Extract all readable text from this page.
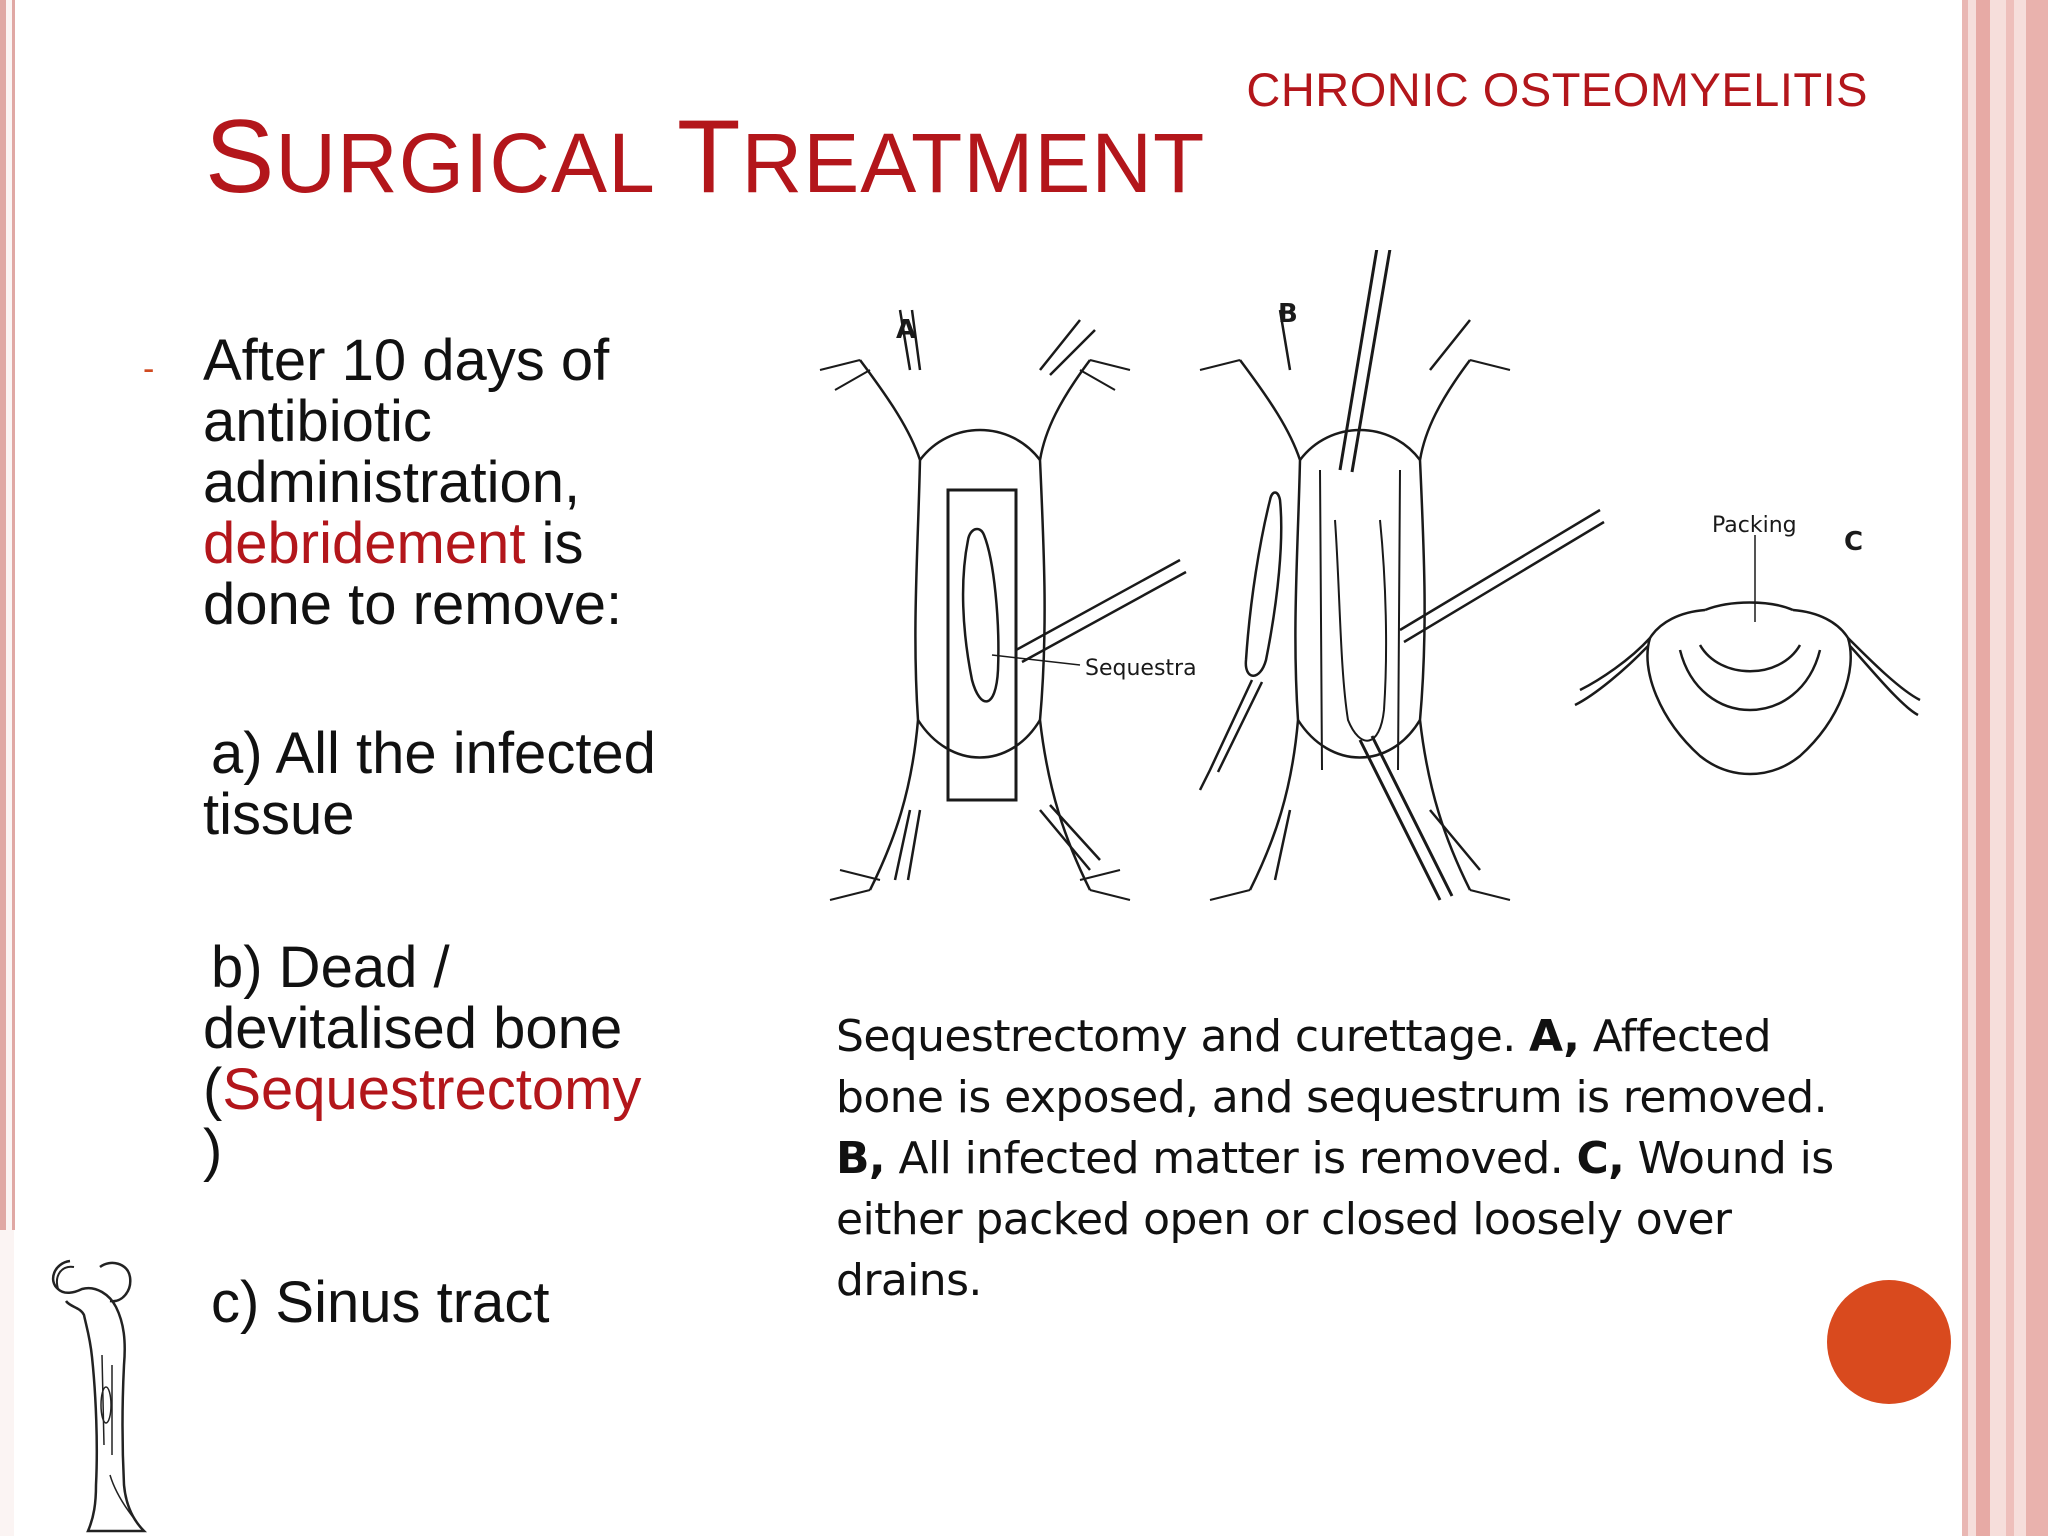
CHRONIC OSTEOMYELITIS
SURGICAL TREATMENT
- After 10 days of
antibiotic
administration,
debridement is
done to remove:
a) All the infected
tissue
b) Dead /
devitalised bone
(Sequestrectomy
)
c) Sinus tract
A
Sequestra
B
Packing
C
Sequestrectomy and curettage. A, Affected bone is exposed, and sequestrum is removed. B, All infected matter is removed. C, Wound is either packed open or closed loosely over drains.
